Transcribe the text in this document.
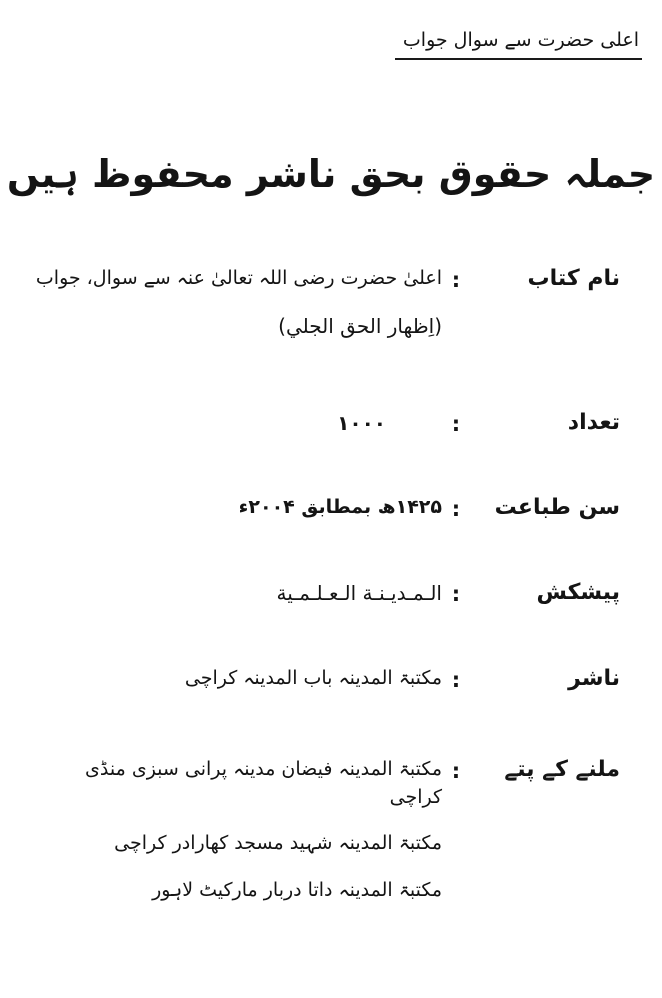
اعلی حضرت سے سوال جواب
جملہ حقوق بحق ناشر محفوظ ہیں
نام کتاب
:
اعلیٰ حضرت رضی اللہ تعالیٰ عنہ سے سوال، جواب
(اِظهار الحق الجلي)
تعداد
:
۱۰۰۰
سن طباعت
:
۱۴۲۵ھ بمطابق ۲۰۰۴ء
پیشکش
:
الـمـديـنـة الـعـلـمـية
ناشر
:
مکتبۃ المدینہ باب المدینہ کراچی
ملنے کے پتے
:
مکتبۃ المدینہ فیضان مدینہ پرانی سبزی منڈی کراچی
مکتبۃ المدینہ شہید مسجد کھارادر کراچی
مکتبۃ المدینہ داتا دربار مارکیٹ لاہور
